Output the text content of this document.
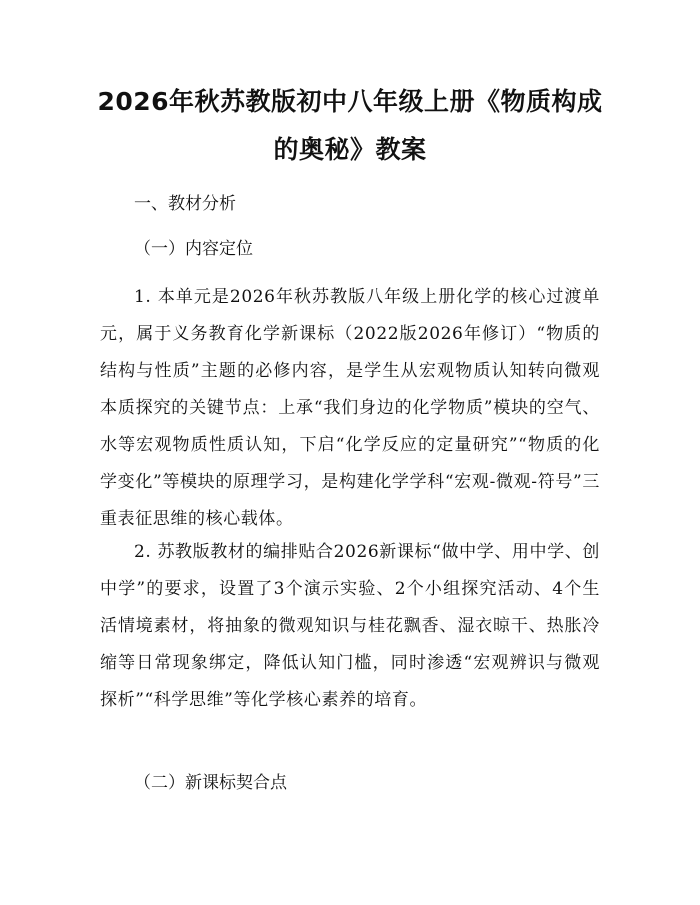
2026年秋苏教版初中八年级上册《物质构成
的奥秘》教案
一、教材分析
（一）内容定位

1. 本单元是2026年秋苏教版八年级上册化学的核心过渡单元，属于义务教育化学新课标（2022版2026年修订）“物质的结构与性质”主题的必修内容，是学生从宏观物质认知转向微观本质探究的关键节点：上承“我们身边的化学物质”模块的空气、水等宏观物质性质认知，下启“化学反应的定量研究”“物质的化学变化”等模块的原理学习，是构建化学学科“宏观-微观-符号”三重表征思维的核心载体。

2. 苏教版教材的编排贴合2026新课标“做中学、用中学、创中学”的要求，设置了3个演示实验、2个小组探究活动、4个生活情境素材，将抽象的微观知识与桂花飘香、湿衣晾干、热胀冷缩等日常现象绑定，降低认知门槛，同时渗透“宏观辨识与微观探析”“科学思维”等化学核心素养的培育。

（二）新课标契合点
